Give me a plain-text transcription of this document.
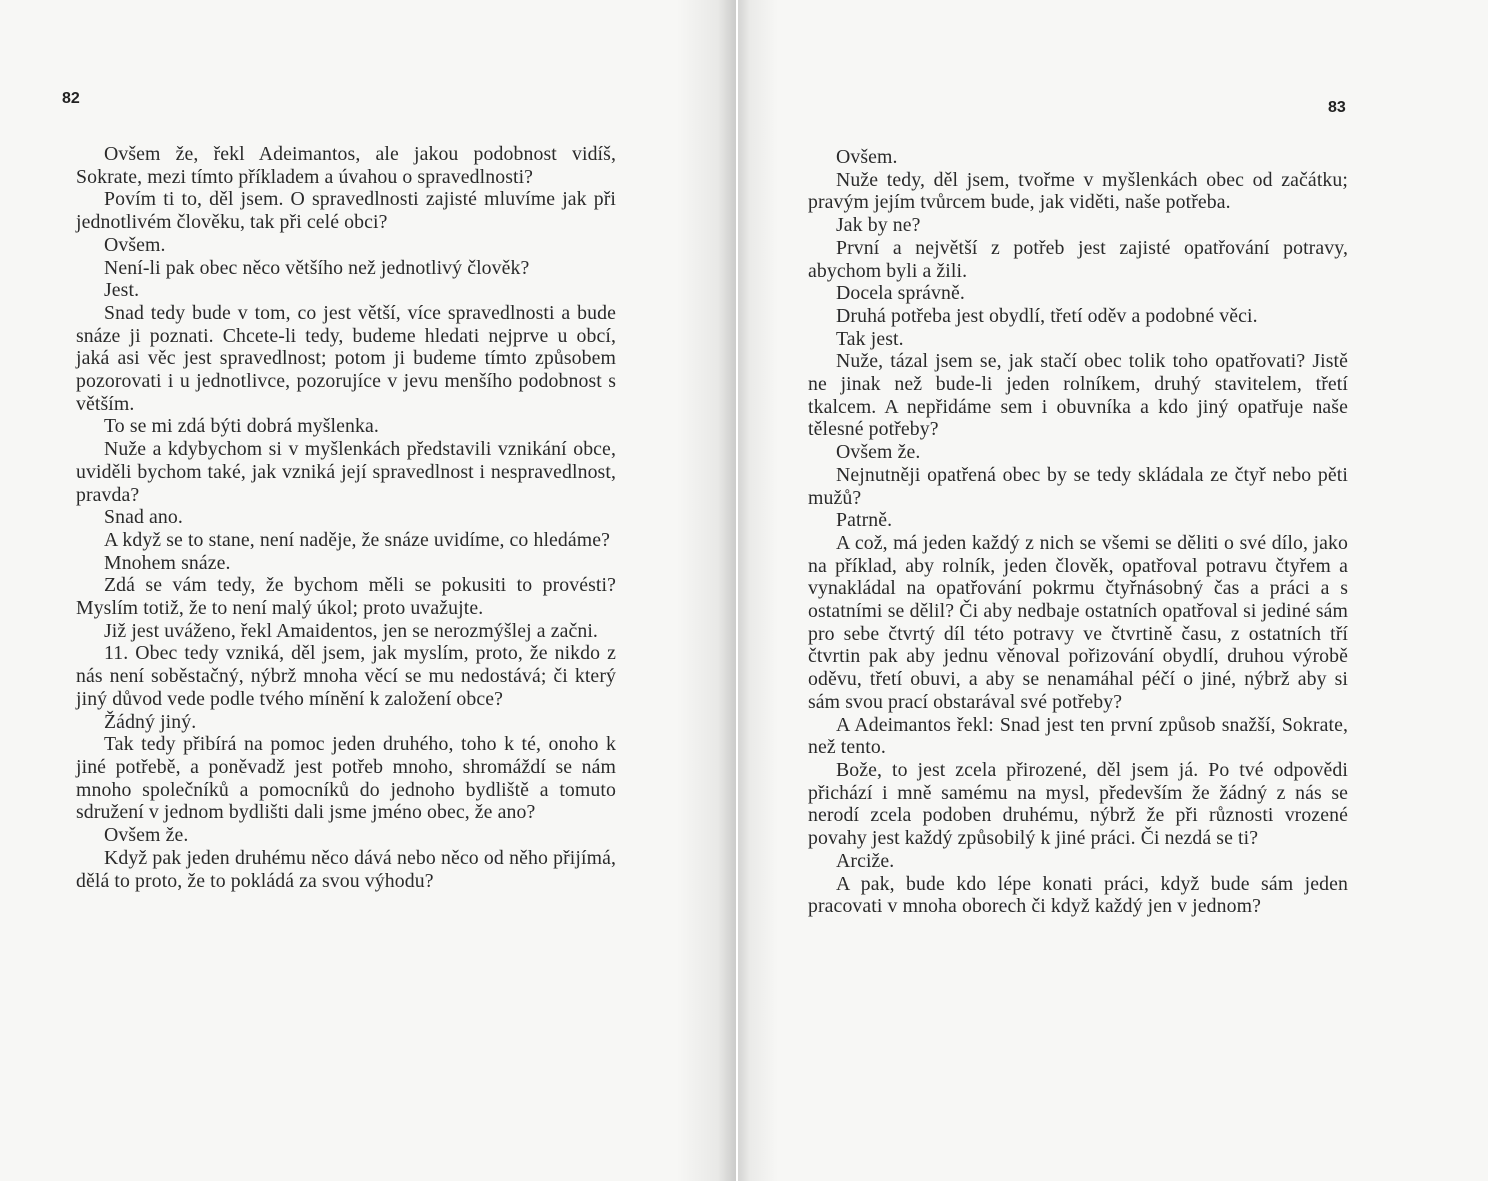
82

Ovšem že, řekl Adeimantos, ale jakou podobnost vidíš, Sokrate, mezi tímto příkladem a úvahou o spravedlnosti?

Povím ti to, děl jsem. O spravedlnosti zajisté mluvíme jak při jednotlivém člověku, tak při celé obci?

Ovšem.

Není-li pak obec něco většího než jednotlivý člověk?

Jest.

Snad tedy bude v tom, co jest větší, více spravedlnosti a bude snáze ji poznati. Chcete-li tedy, budeme hledati nejprve u obcí, jaká asi věc jest spravedlnost; potom ji budeme tímto způsobem pozorovati i u jednotlivce, pozorujíce v jevu menšího podobnost s větším.

To se mi zdá býti dobrá myšlenka.

Nuže a kdybychom si v myšlenkách představili vznikání obce, uviděli bychom také, jak vzniká její spravedlnost i nespravedlnost, pravda?

Snad ano.

A když se to stane, není naděje, že snáze uvidíme, co hledáme?

Mnohem snáze.

Zdá se vám tedy, že bychom měli se pokusiti to provésti? Myslím totiž, že to není malý úkol; proto uvažujte.

Již jest uváženo, řekl Amaidentos, jen se nerozmýšlej a začni.

11. Obec tedy vzniká, děl jsem, jak myslím, proto, že nikdo z nás není soběstačný, nýbrž mnoha věcí se mu nedostává; či který jiný důvod vede podle tvého mínění k založení obce?

Žádný jiný.

Tak tedy přibírá na pomoc jeden druhého, toho k té, onoho k jiné potřebě, a poněvadž jest potřeb mnoho, shromáždí se nám mnoho společníků a pomocníků do jednoho bydliště a tomuto sdružení v jednom bydlišti dali jsme jméno obec, že ano?

Ovšem že.

Když pak jeden druhému něco dává nebo něco od něho přijímá, dělá to proto, že to pokládá za svou výhodu?

83

Ovšem.

Nuže tedy, děl jsem, tvořme v myšlenkách obec od začátku; pravým jejím tvůrcem bude, jak viděti, naše potřeba.

Jak by ne?

První a největší z potřeb jest zajisté opatřování potravy, abychom byli a žili.

Docela správně.

Druhá potřeba jest obydlí, třetí oděv a podobné věci.

Tak jest.

Nuže, tázal jsem se, jak stačí obec tolik toho opatřovati? Jistě ne jinak než bude-li jeden rolníkem, druhý stavitelem, třetí tkalcem. A nepřidáme sem i obuvníka a kdo jiný opatřuje naše tělesné potřeby?

Ovšem že.

Nejnutněji opatřená obec by se tedy skládala ze čtyř nebo pěti mužů?

Patrně.

A což, má jeden každý z nich se všemi se děliti o své dílo, jako na příklad, aby rolník, jeden člověk, opatřoval potravu čtyřem a vynakládal na opatřování pokrmu čtyřnásobný čas a práci a s ostatními se dělil? Či aby nedbaje ostatních opatřoval si jediné sám pro sebe čtvrtý díl této potravy ve čtvrtině času, z ostatních tří čtvrtin pak aby jednu věnoval pořizování obydlí, druhou výrobě oděvu, třetí obuvi, a aby se nenamáhal péčí o jiné, nýbrž aby si sám svou prací obstarával své potřeby?

A Adeimantos řekl: Snad jest ten první způsob snažší, Sokrate, než tento.

Bože, to jest zcela přirozené, děl jsem já. Po tvé odpovědi přichází i mně samému na mysl, především že žádný z nás se nerodí zcela podoben druhému, nýbrž že při různosti vrozené povahy jest každý způsobilý k jiné práci. Či nezdá se ti?

Arciže.

A pak, bude kdo lépe konati práci, když bude sám jeden pracovati v mnoha oborech či když každý jen v jednom?
